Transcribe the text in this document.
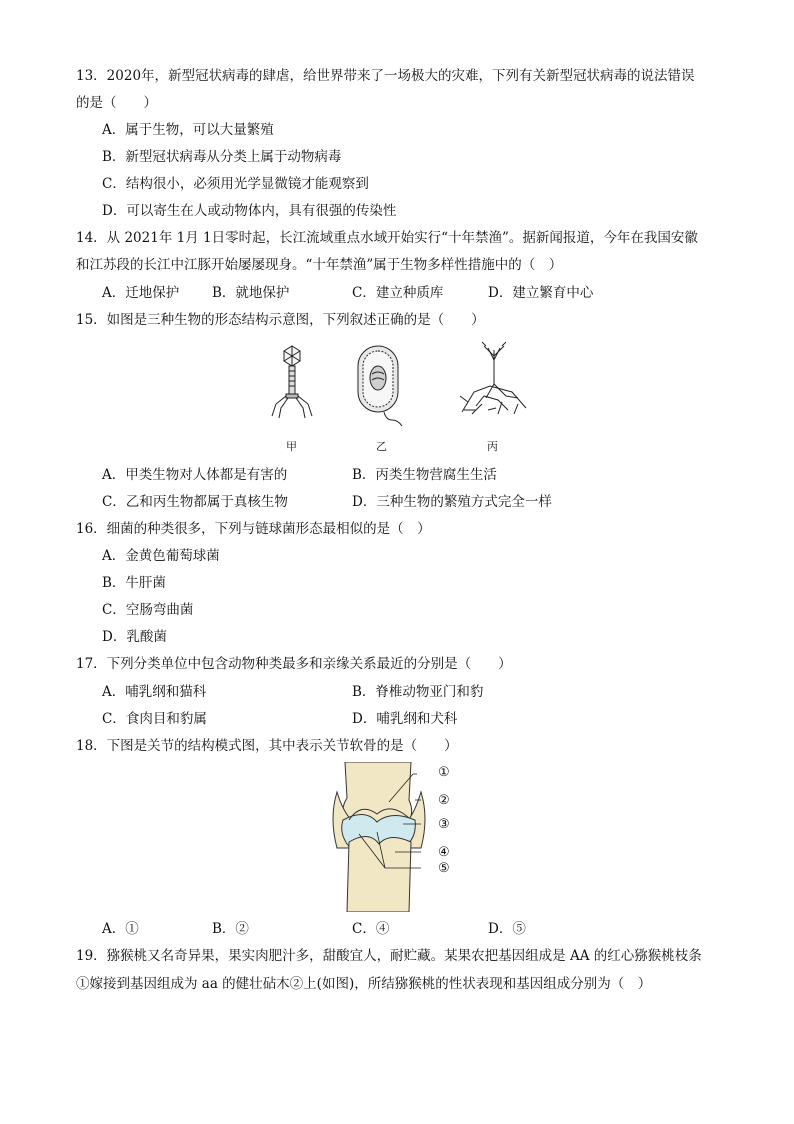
13．2020年，新型冠状病毒的肆虐，给世界带来了一场极大的灾难，下列有关新型冠状病毒的说法错误
的是（　　）
A．属于生物，可以大量繁殖
B．新型冠状病毒从分类上属于动物病毒
C．结构很小，必须用光学显微镜才能观察到
D．可以寄生在人或动物体内，具有很强的传染性
14．从 2021年 1月 1日零时起，长江流域重点水域开始实行“十年禁渔”。据新闻报道，今年在我国安徽
和江苏段的长江中江豚开始屡屡现身。“十年禁渔”属于生物多样性措施中的（　）
A．迁地保护 B．就地保护	C．建立种质库	D．建立繁育中心
15．如图是三种生物的形态结构示意图，下列叙述正确的是（　　）
甲	乙	丙
A．甲类生物对人体都是有害的	B．丙类生物营腐生生活
C．乙和丙生物都属于真核生物	D．三种生物的繁殖方式完全一样
16．细菌的种类很多，下列与链球菌形态最相似的是（　）
A．金黄色葡萄球菌
B．牛肝菌
C．空肠弯曲菌
D．乳酸菌
17．下列分类单位中包含动物种类最多和亲缘关系最近的分别是（　　）
A．哺乳纲和猫科	B．脊椎动物亚门和豹
C．食肉目和豹属	D．哺乳纲和犬科
18．下图是关节的结构模式图，其中表示关节软骨的是（　　）
①
②
③
④
⑤
A．①	B．②	C．④	D．⑤
19．猕猴桃又名奇异果，果实肉肥汁多，甜酸宜人，耐贮藏。某果农把基因组成是 AA 的红心猕猴桃枝条
①嫁接到基因组成为 aa 的健壮砧木②上(如图)，所结猕猴桃的性状表现和基因组成分别为（　）
